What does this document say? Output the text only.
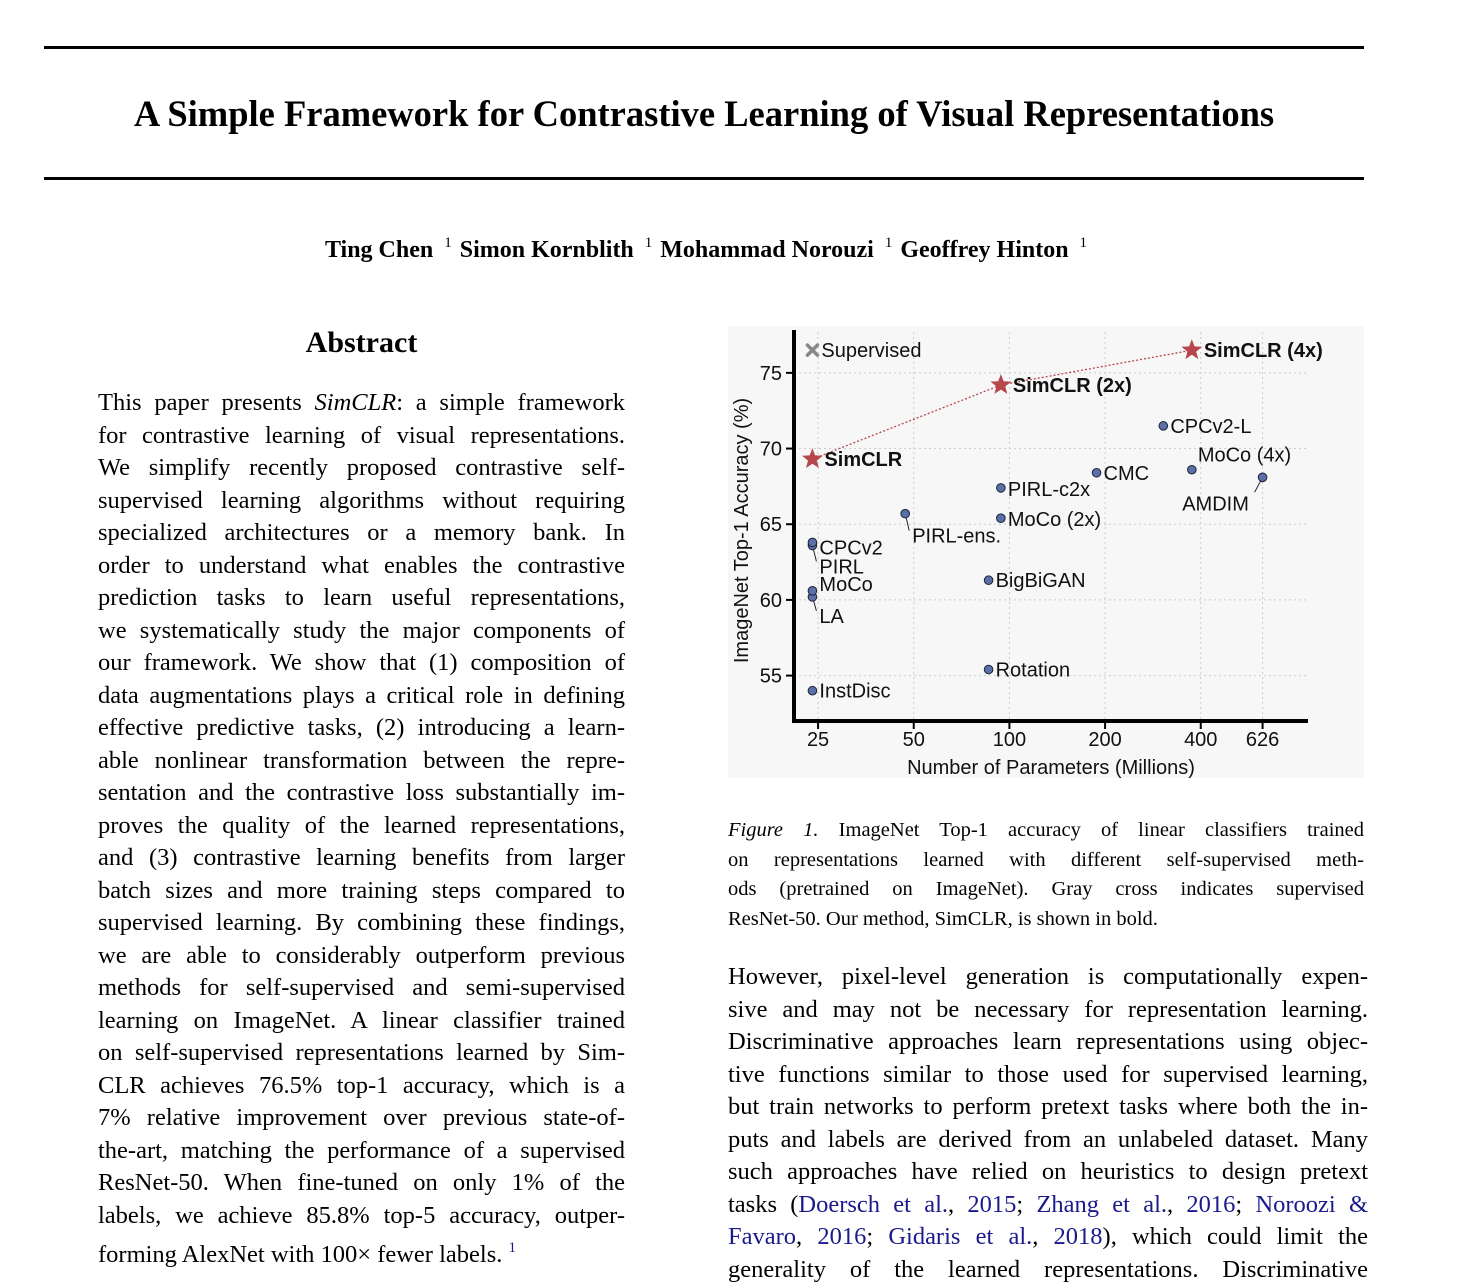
A Simple Framework for Contrastive Learning of Visual Representations
Ting Chen $^1$ Simon Kornblith $^1$ Mohammad Norouzi $^1$ Geoffrey Hinton $^1$
Abstract
This paper presents SimCLR: a simple framework
for contrastive learning of visual representations.
We simplify recently proposed contrastive self-
supervised learning algorithms without requiring
specialized architectures or a memory bank. In
order to understand what enables the contrastive
prediction tasks to learn useful representations,
we systematically study the major components of
our framework. We show that (1) composition of
data augmentations plays a critical role in defining
effective predictive tasks, (2) introducing a learn-
able nonlinear transformation between the repre-
sentation and the contrastive loss substantially im-
proves the quality of the learned representations,
and (3) contrastive learning benefits from larger
batch sizes and more training steps compared to
supervised learning. By combining these findings,
we are able to considerably outperform previous
methods for self-supervised and semi-supervised
learning on ImageNet. A linear classifier trained
on self-supervised representations learned by Sim-
CLR achieves 76.5% top-1 accuracy, which is a
7% relative improvement over previous state-of-
the-art, matching the performance of a supervised
ResNet-50. When fine-tuned on only 1% of the
labels, we achieve 85.8% top-5 accuracy, outper-
forming AlexNet with 100× fewer labels. $^1$
55
60
65
70
75
25	50	100	200	400 626
Number of Parameters (Millions)
ImageNet Top-1 Accuracy (%)
InstDisc
Rotation
LA
MoCo	BigBiGAN
PIRL
CPCv2
PIRL-ens.
MoCo (2x)
PIRL-c2x
CMC
MoCo (4x)
AMDIM
CPCv2-L
SimCLR
SimCLR (2x)
SimCLR (4x)
Supervised
Figure 1. ImageNet Top-1 accuracy of linear classifiers trained
on representations learned with different self-supervised meth-
ods (pretrained on ImageNet). Gray cross indicates supervised
ResNet-50. Our method, SimCLR, is shown in bold.
However, pixel-level generation is computationally expen-
sive and may not be necessary for representation learning.
Discriminative approaches learn representations using objec-
tive functions similar to those used for supervised learning,
but train networks to perform pretext tasks where both the in-
puts and labels are derived from an unlabeled dataset. Many
such approaches have relied on heuristics to design pretext
tasks (Doersch et al., 2015; Zhang et al., 2016; Noroozi &
Favaro, 2016; Gidaris et al., 2018), which could limit the
generality of the learned representations. Discriminative
